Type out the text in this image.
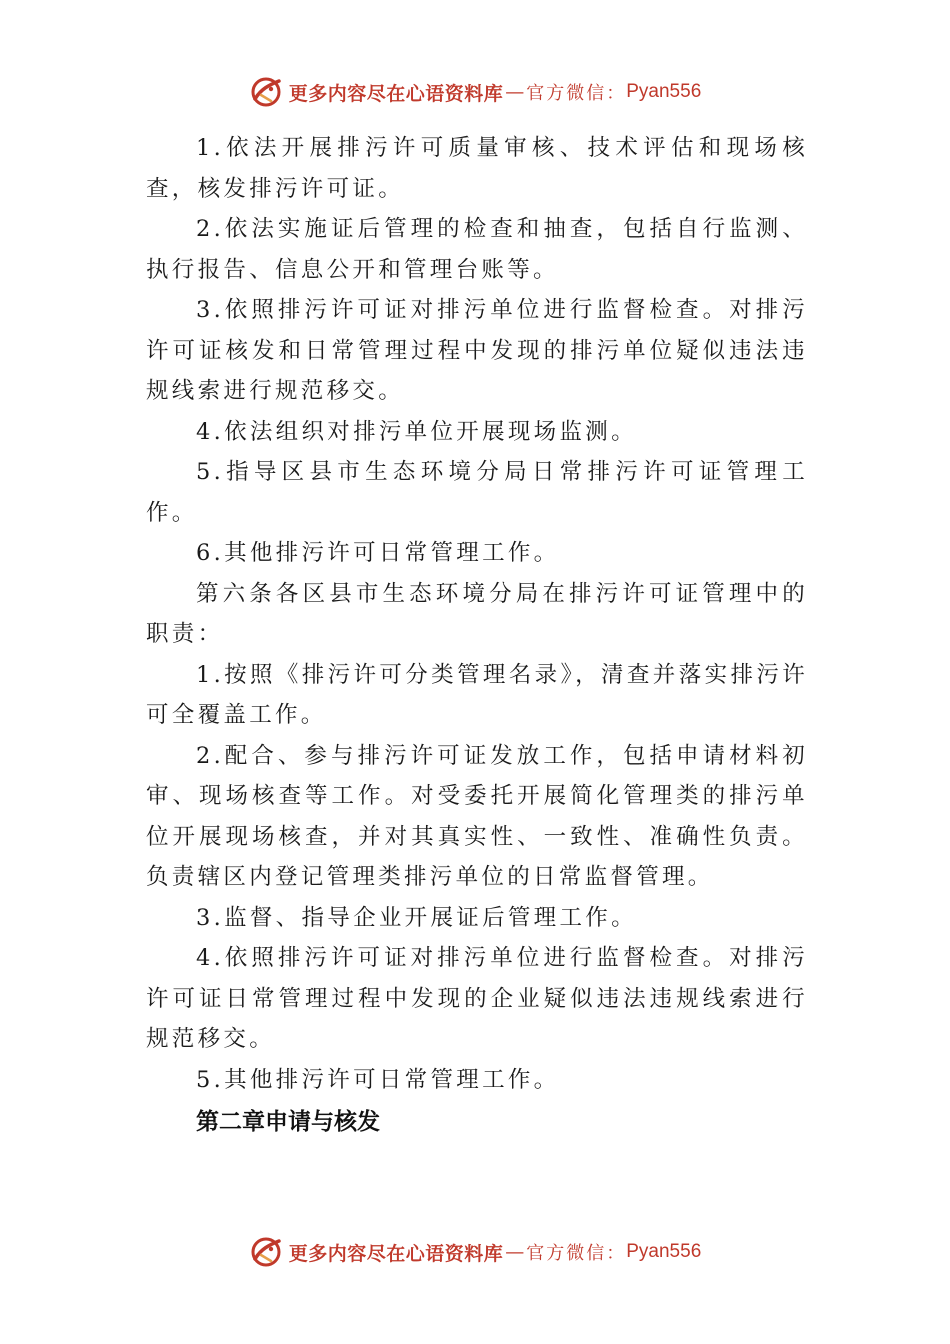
更多内容尽在心语资料库 — 官方微信： Pyan556

1.依法开展排污许可质量审核、技术评估和现场核查，核发排污许可证。

2.依法实施证后管理的检查和抽查，包括自行监测、执行报告、信息公开和管理台账等。

3.依照排污许可证对排污单位进行监督检查。对排污许可证核发和日常管理过程中发现的排污单位疑似违法违规线索进行规范移交。

4.依法组织对排污单位开展现场监测。

5.指导区县市生态环境分局日常排污许可证管理工作。

6.其他排污许可日常管理工作。

第六条各区县市生态环境分局在排污许可证管理中的职责：

1.按照《排污许可分类管理名录》，清查并落实排污许可全覆盖工作。

2.配合、参与排污许可证发放工作，包括申请材料初审、现场核查等工作。对受委托开展简化管理类的排污单位开展现场核查，并对其真实性、一致性、准确性负责。负责辖区内登记管理类排污单位的日常监督管理。

3.监督、指导企业开展证后管理工作。

4.依照排污许可证对排污单位进行监督检查。对排污许可证日常管理过程中发现的企业疑似违法违规线索进行规范移交。

5.其他排污许可日常管理工作。

第二章申请与核发

更多内容尽在心语资料库 — 官方微信： Pyan556
